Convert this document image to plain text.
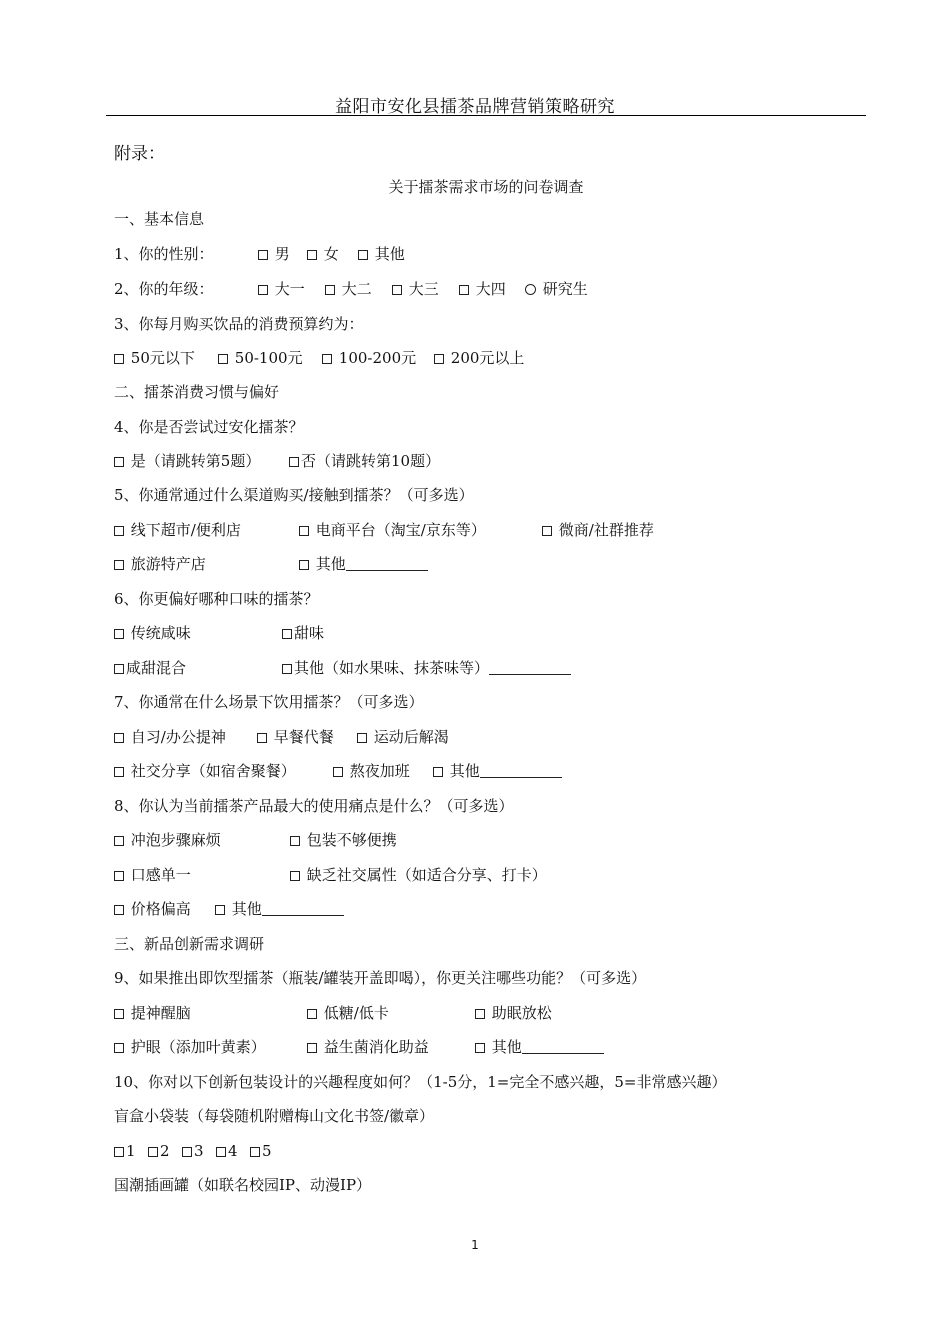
益阳市安化县擂茶品牌营销策略研究
附录：
关于擂茶需求市场的问卷调查
一、基本信息
1、你的性别：	男	女	其他
2、你的年级：	大一	大二	大三	大四	研究生
3、你每月购买饮品的消费预算约为：
50元以下	50-100元	100-200元	200元以上
二、擂茶消费习惯与偏好
4、你是否尝试过安化擂茶？
是（请跳转第5题）	否（请跳转第10题）
5、你通常通过什么渠道购买/接触到擂茶？（可多选）
线下超市/便利店	电商平台（淘宝/京东等）	微商/社群推荐
旅游特产店	其他
6、你更偏好哪种口味的擂茶？
传统咸味	甜味
咸甜混合	其他（如水果味、抹茶味等）
7、你通常在什么场景下饮用擂茶？（可多选）
自习/办公提神	早餐代餐	运动后解渴
社交分享（如宿舍聚餐）	熬夜加班	其他
8、你认为当前擂茶产品最大的使用痛点是什么？（可多选）
冲泡步骤麻烦	包装不够便携
口感单一	缺乏社交属性（如适合分享、打卡）
价格偏高	其他
三、新品创新需求调研
9、如果推出即饮型擂茶（瓶装/罐装开盖即喝），你更关注哪些功能？（可多选）
提神醒脑	低糖/低卡	助眠放松
护眼（添加叶黄素）	益生菌消化助益	其他
10、你对以下创新包装设计的兴趣程度如何？（1-5分，1=完全不感兴趣，5=非常感兴趣）
盲盒小袋装（每袋随机附赠梅山文化书签/徽章）
1	2	3	4	5
国潮插画罐（如联名校园IP、动漫IP）
1
